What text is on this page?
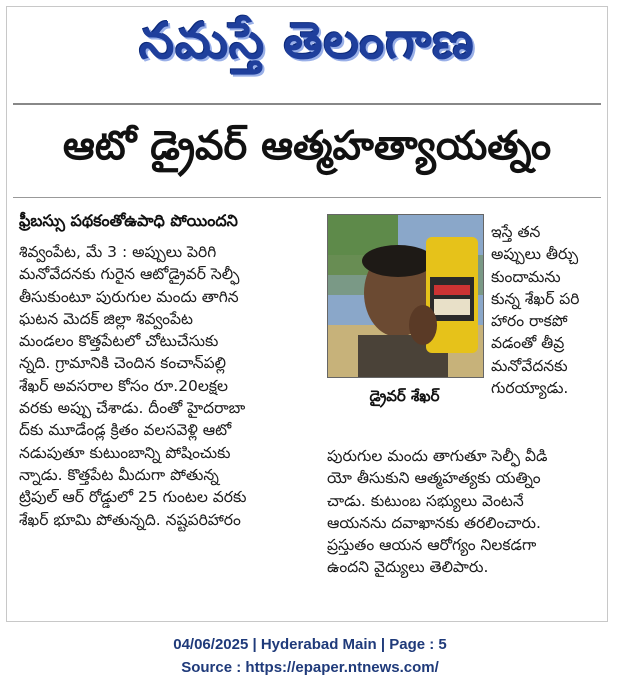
నమస్తే తెలంగాణ
ఆటో డ్రైవర్‌ ఆత్మహత్యాయత్నం
ఫ్రీబస్సు పథకంతోఉపాధి పోయిందని

శివ్వంపేట, మే 3 : అప్పులు పెరిగి

మనోవేదనకు గురైన ఆటోడ్రైవర్‌ సెల్ఫీ

తీసుకుంటూ పురుగుల మందు తాగిన

ఘటన మెదక్‌ జిల్లా శివ్వంపేట

మండలం కొత్తపేటలో చోటుచేసుకు

న్నది. గ్రామానికి చెందిన కంచాన్‌పల్లి

శేఖర్‌ అవసరాల కోసం రూ.20లక్షల

వరకు అప్పు చేశాడు. దీంతో హైదరాబా

ద్‌కు మూడేండ్ల క్రితం వలసవెళ్లి ఆటో

నడుపుతూ కుటుంబాన్ని పోషించుకు

న్నాడు. కొత్తపేట మీదుగా పోతున్న

ట్రిపుల్‌ ఆర్‌ రోడ్డులో 25 గుంటల వరకు

శేఖర్‌ భూమి పోతున్నది. నష్టపరిహారం

డ్రైవర్‌ శేఖర్‌

ఇస్తే తన

అప్పులు తీర్చు

కుందామను

కున్న శేఖర్‌ పరి

హారం రాకపో

వడంతో తీవ్ర

మనోవేదనకు

గురయ్యాడు.

పురుగుల మందు తాగుతూ సెల్ఫీ వీడి

యో తీసుకుని ఆత్మహత్యకు యత్నిం

చాడు. కుటుంబ సభ్యులు వెంటనే

ఆయనను దవాఖానకు తరలించారు.

ప్రస్తుతం ఆయన ఆరోగ్యం నిలకడగా

ఉందని వైద్యులు తెలిపారు.

04/06/2025 | Hyderabad Main | Page : 5
Source : https://epaper.ntnews.com/
